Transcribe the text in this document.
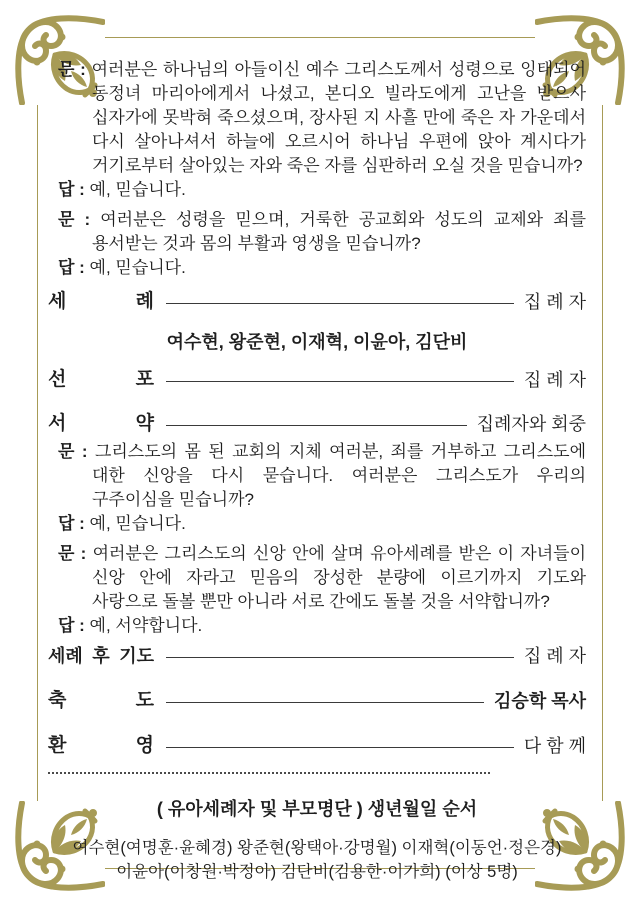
문 : 여러분은 하나님의 아들이신 예수 그리스도께서 성령으로 잉태되어 동정녀 마리아에게서 나셨고, 본디오 빌라도에게 고난을 받으사 십자가에 못박혀 죽으셨으며, 장사된 지 사흘 만에 죽은 자 가운데서 다시 살아나셔서 하늘에 오르시어 하나님 우편에 앉아 계시다가 거기로부터 살아있는 자와 죽은 자를 심판하러 오실 것을 믿습니까?

답 : 예, 믿습니다.

문 : 여러분은 성령을 믿으며, 거룩한 공교회와 성도의 교제와 죄를 용서받는 것과 몸의 부활과 영생을 믿습니까?

답 : 예, 믿습니다.

세 례	집 례 자
여수현, 왕준현, 이재혁, 이윤아, 김단비
선 포	집 례 자
서 약	집례자와 회중

문 : 그리스도의 몸 된 교회의 지체 여러분, 죄를 거부하고 그리스도에 대한 신앙을 다시 묻습니다. 여러분은 그리스도가 우리의 구주이심을 믿습니까?

답 : 예, 믿습니다.

문 : 여러분은 그리스도의 신앙 안에 살며 유아세례를 받은 이 자녀들이 신앙 안에 자라고 믿음의 장성한 분량에 이르기까지 기도와 사랑으로 돌볼 뿐만 아니라 서로 간에도 돌볼 것을 서약합니까?

답 : 예, 서약합니다.

세례 후 기도	집 례 자
축 도	김승학 목사
환 영	다 함 께
( 유아세례자 및 부모명단 ) 생년월일 순서
여수현(여명훈·윤혜경) 왕준현(왕택아·강명월) 이재혁(이동언·정은경)
이윤아(이창원·박정아) 김단비(김용한·이가희) (이상 5명)
